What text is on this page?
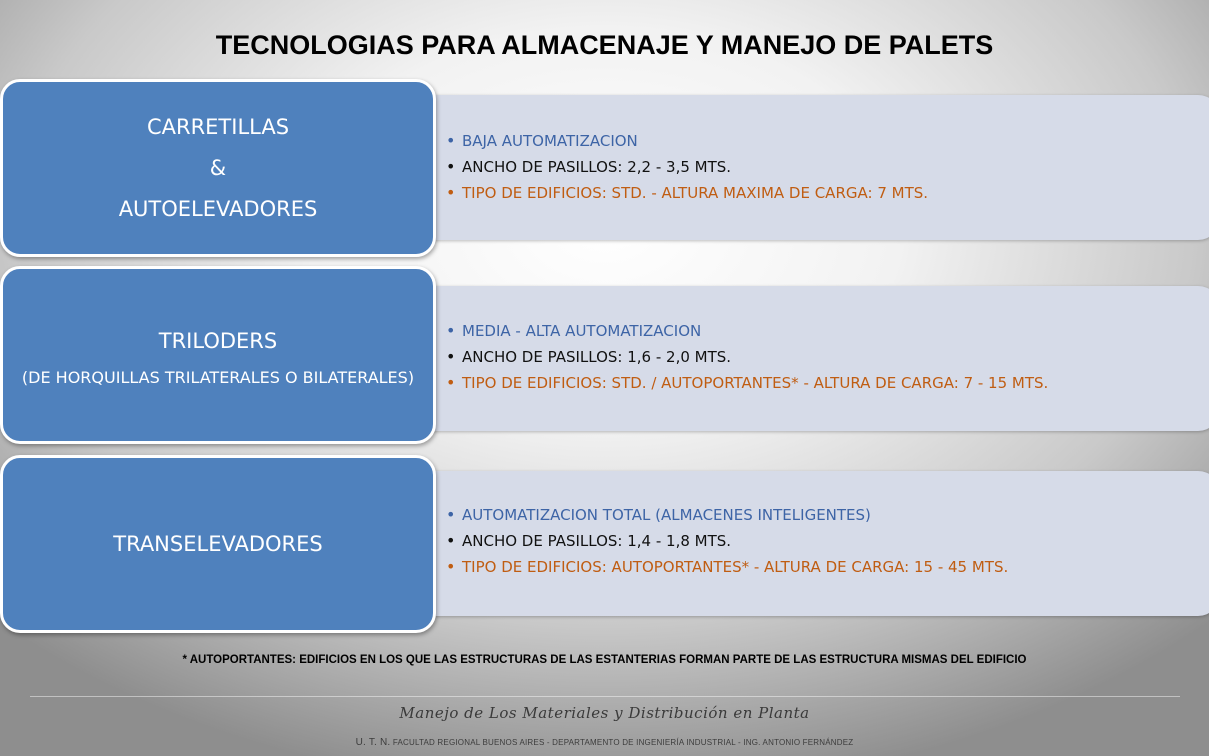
TECNOLOGIAS PARA ALMACENAJE Y MANEJO DE PALETS
• BAJA AUTOMATIZACION
• ANCHO DE PASILLOS: 2,2 - 3,5 MTS.
• TIPO DE EDIFICIOS: STD. - ALTURA MAXIMA DE CARGA: 7 MTS.
CARRETILLAS
&
AUTOELEVADORES
• MEDIA - ALTA AUTOMATIZACION
• ANCHO DE PASILLOS: 1,6 - 2,0 MTS.
• TIPO DE EDIFICIOS: STD. / AUTOPORTANTES* - ALTURA DE CARGA: 7 - 15 MTS.
TRILODERS
(DE HORQUILLAS TRILATERALES O BILATERALES)
• AUTOMATIZACION TOTAL (ALMACENES INTELIGENTES)
• ANCHO DE PASILLOS: 1,4 - 1,8 MTS.
• TIPO DE EDIFICIOS: AUTOPORTANTES* - ALTURA DE CARGA: 15 - 45 MTS.
TRANSELEVADORES
* AUTOPORTANTES: EDIFICIOS EN LOS QUE LAS ESTRUCTURAS DE LAS ESTANTERIAS FORMAN PARTE DE LAS ESTRUCTURA MISMAS DEL EDIFICIO
Manejo de Los Materiales y Distribución en Planta
U. T. N. FACULTAD REGIONAL BUENOS AIRES - DEPARTAMENTO DE INGENIERÍA INDUSTRIAL - ING. ANTONIO FERNÁNDEZ
